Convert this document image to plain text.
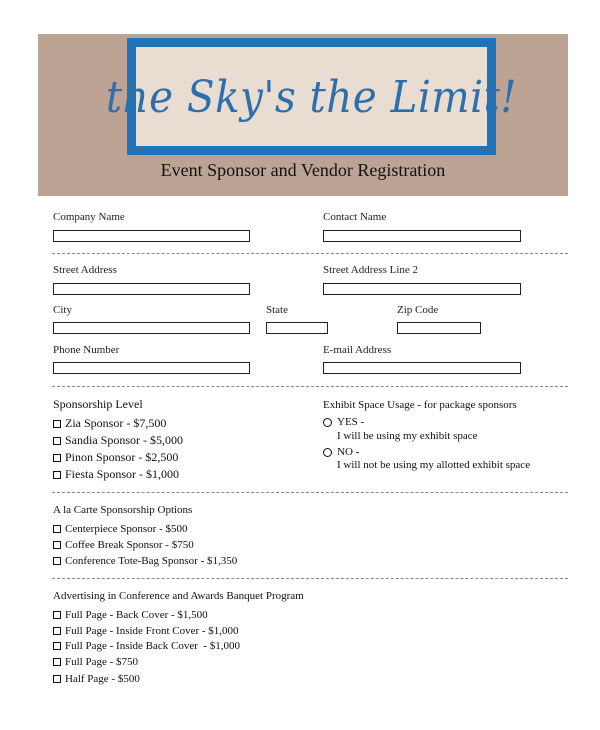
the Sky's the Limit!
Event Sponsor and Vendor Registration
Company Name	Contact Name
Street Address	Street Address Line 2
City	State	Zip Code
Phone Number	E-mail Address
Sponsorship Level
Zia Sponsor - $7,500
Sandia Sponsor - $5,000
Pinon Sponsor - $2,500
Fiesta Sponsor - $1,000
Exhibit Space Usage - for package sponsors
YES -
I will be using my exhibit space
NO -
I will not be using my allotted exhibit space
A la Carte Sponsorship Options
Centerpiece Sponsor - $500
Coffee Break Sponsor - $750
Conference Tote-Bag Sponsor - $1,350
Advertising in Conference and Awards Banquet Program
Full Page - Back Cover - $1,500
Full Page - Inside Front Cover - $1,000
Full Page - Inside Back Cover  - $1,000
Full Page - $750
Half Page - $500
